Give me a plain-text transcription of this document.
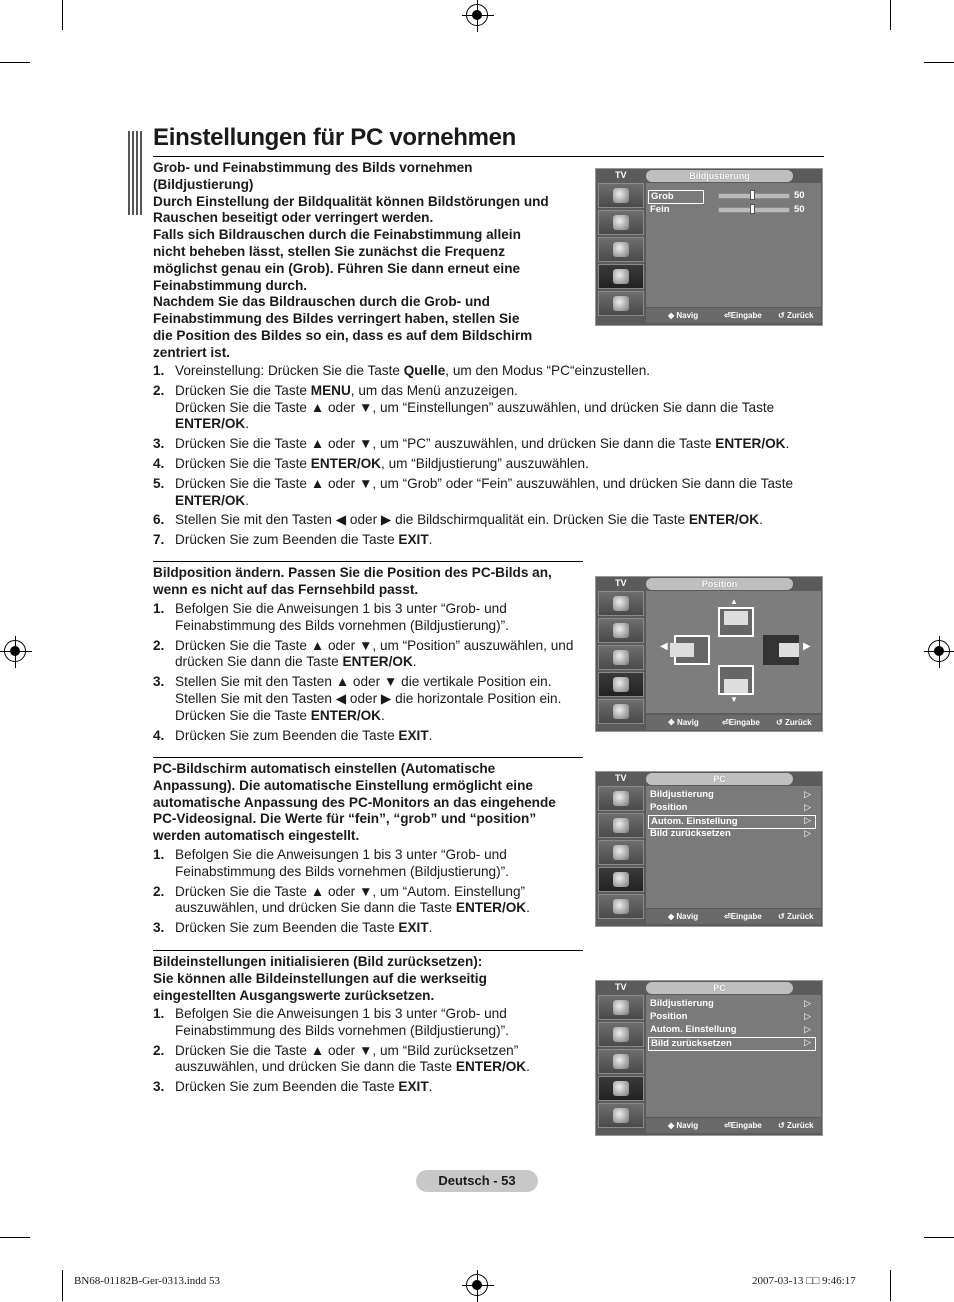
Einstellungen für PC vornehmen
Grob- und Feinabstimmung des Bilds vornehmen
(Bildjustierung)
Durch Einstellung der Bildqualität können Bildstörungen und
Rauschen beseitigt oder verringert werden.
Falls sich Bildrauschen durch die Feinabstimmung allein
nicht beheben lässt, stellen Sie zunächst die Frequenz
möglichst genau ein (Grob). Führen Sie dann erneut eine
Feinabstimmung durch.
Nachdem Sie das Bildrauschen durch die Grob- und
Feinabstimmung des Bildes verringert haben, stellen Sie
die Position des Bildes so ein, dass es auf dem Bildschirm
zentriert ist.
1. Voreinstellung: Drücken Sie die Taste Quelle, um den Modus “PC“einzustellen.
2. Drücken Sie die Taste MENU, um das Menü anzuzeigen.
Drücken Sie die Taste ▲ oder ▼, um “Einstellungen” auszuwählen, und drücken Sie dann die Taste ENTER/OK.
3. Drücken Sie die Taste ▲ oder ▼, um “PC” auszuwählen, und drücken Sie dann die Taste ENTER/OK.
4. Drücken Sie die Taste ENTER/OK, um “Bildjustierung” auszuwählen.
5. Drücken Sie die Taste ▲ oder ▼, um “Grob” oder “Fein” auszuwählen, und drücken Sie dann die Taste ENTER/OK.
6. Stellen Sie mit den Tasten ◀ oder ▶ die Bildschirmqualität ein. Drücken Sie die Taste ENTER/OK.
7. Drücken Sie zum Beenden die Taste EXIT.
Bildposition ändern. Passen Sie die Position des PC-Bilds an,
wenn es nicht auf das Fernsehbild passt.
1. Befolgen Sie die Anweisungen 1 bis 3 unter “Grob- und Feinabstimmung des Bilds vornehmen (Bildjustierung)”.
2. Drücken Sie die Taste ▲ oder ▼, um “Position” auszuwählen, und drücken Sie dann die Taste ENTER/OK.
3. Stellen Sie mit den Tasten ▲ oder ▼ die vertikale Position ein. Stellen Sie mit den Tasten ◀ oder ▶ die horizontale Position ein. Drücken Sie die Taste ENTER/OK.
4. Drücken Sie zum Beenden die Taste EXIT.
PC-Bildschirm automatisch einstellen (Automatische
Anpassung). Die automatische Einstellung ermöglicht eine
automatische Anpassung des PC-Monitors an das eingehende
PC-Videosignal. Die Werte für “fein”, “grob” und “position”
werden automatisch eingestellt.
1. Befolgen Sie die Anweisungen 1 bis 3 unter “Grob- und Feinabstimmung des Bilds vornehmen (Bildjustierung)”.
2. Drücken Sie die Taste ▲ oder ▼, um “Autom. Einstellung” auszuwählen, und drücken Sie dann die Taste ENTER/OK.
3. Drücken Sie zum Beenden die Taste EXIT.
Bildeinstellungen initialisieren (Bild zurücksetzen):
Sie können alle Bildeinstellungen auf die werkseitig
eingestellten Ausgangswerte zurücksetzen.
1. Befolgen Sie die Anweisungen 1 bis 3 unter “Grob- und Feinabstimmung des Bilds vornehmen (Bildjustierung)”.
2. Drücken Sie die Taste ▲ oder ▼, um “Bild zurücksetzen” auszuwählen, und drücken Sie dann die Taste ENTER/OK.
3. Drücken Sie zum Beenden die Taste EXIT.
TV	Bildjustierung
Grob	50
Fein	50
◆ Navig	⏎Eingabe ↺ Zurück
TV	Position
▲
◀	▶
▼
✥ Navig	⏎Eingabe ↺ Zurück
TV	PC
Bildjustierung	▷
Position	▷
Autom. Einstellung	▷
Bild zurücksetzen	▷
◆ Navig	⏎Eingabe ↺ Zurück
TV	PC
Bildjustierung	▷
Position	▷
Autom. Einstellung	▷
Bild zurücksetzen	▷
◆ Navig	⏎Eingabe ↺ Zurück
Deutsch - 53
BN68-01182B-Ger-0313.indd 53	2007-03-13 □□ 9:46:17
